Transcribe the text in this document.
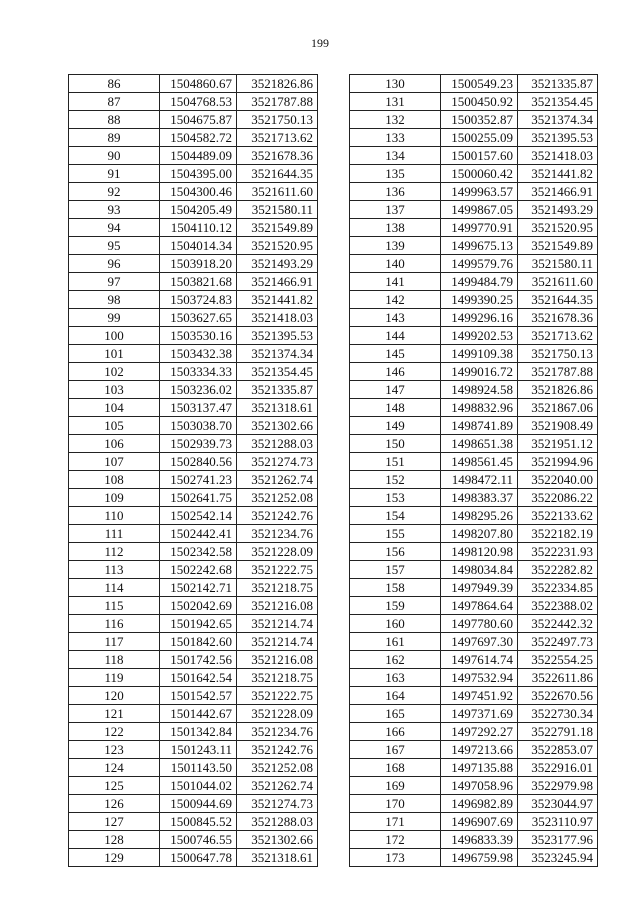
199
86	1504860.67	3521826.86
87	1504768.53	3521787.88
88	1504675.87	3521750.13
89	1504582.72	3521713.62
90	1504489.09	3521678.36
91	1504395.00	3521644.35
92	1504300.46	3521611.60
93	1504205.49	3521580.11
94	1504110.12	3521549.89
95	1504014.34	3521520.95
96	1503918.20	3521493.29
97	1503821.68	3521466.91
98	1503724.83	3521441.82
99	1503627.65	3521418.03
100	1503530.16	3521395.53
101	1503432.38	3521374.34
102	1503334.33	3521354.45
103	1503236.02	3521335.87
104	1503137.47	3521318.61
105	1503038.70	3521302.66
106	1502939.73	3521288.03
107	1502840.56	3521274.73
108	1502741.23	3521262.74
109	1502641.75	3521252.08
110	1502542.14	3521242.76
111	1502442.41	3521234.76
112	1502342.58	3521228.09
113	1502242.68	3521222.75
114	1502142.71	3521218.75
115	1502042.69	3521216.08
116	1501942.65	3521214.74
117	1501842.60	3521214.74
118	1501742.56	3521216.08
119	1501642.54	3521218.75
120	1501542.57	3521222.75
121	1501442.67	3521228.09
122	1501342.84	3521234.76
123	1501243.11	3521242.76
124	1501143.50	3521252.08
125	1501044.02	3521262.74
126	1500944.69	3521274.73
127	1500845.52	3521288.03
128	1500746.55	3521302.66
129	1500647.78	3521318.61
130	1500549.23	3521335.87
131	1500450.92	3521354.45
132	1500352.87	3521374.34
133	1500255.09	3521395.53
134	1500157.60	3521418.03
135	1500060.42	3521441.82
136	1499963.57	3521466.91
137	1499867.05	3521493.29
138	1499770.91	3521520.95
139	1499675.13	3521549.89
140	1499579.76	3521580.11
141	1499484.79	3521611.60
142	1499390.25	3521644.35
143	1499296.16	3521678.36
144	1499202.53	3521713.62
145	1499109.38	3521750.13
146	1499016.72	3521787.88
147	1498924.58	3521826.86
148	1498832.96	3521867.06
149	1498741.89	3521908.49
150	1498651.38	3521951.12
151	1498561.45	3521994.96
152	1498472.11	3522040.00
153	1498383.37	3522086.22
154	1498295.26	3522133.62
155	1498207.80	3522182.19
156	1498120.98	3522231.93
157	1498034.84	3522282.82
158	1497949.39	3522334.85
159	1497864.64	3522388.02
160	1497780.60	3522442.32
161	1497697.30	3522497.73
162	1497614.74	3522554.25
163	1497532.94	3522611.86
164	1497451.92	3522670.56
165	1497371.69	3522730.34
166	1497292.27	3522791.18
167	1497213.66	3522853.07
168	1497135.88	3522916.01
169	1497058.96	3522979.98
170	1496982.89	3523044.97
171	1496907.69	3523110.97
172	1496833.39	3523177.96
173	1496759.98	3523245.94
